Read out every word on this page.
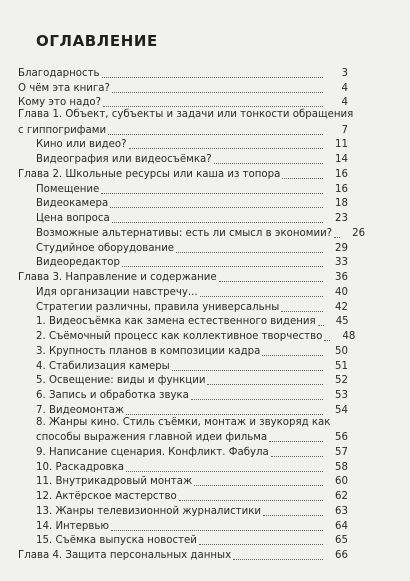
ОГЛАВЛЕНИЕ
Благодарность	3
О чём эта книга?	4
Кому это надо?	4
Глава 1. Объект, субъекты и задачи или тонкости обращения
с гиппогрифами	7
Кино или видео?	11
Видеография или видеосъёмка?	14
Глава 2. Школьные ресурсы или каша из топора	16
Помещение	16
Видеокамера	18
Цена вопроса	23
Возможные альтернативы: есть ли смысл в экономии?	26
Студийное оборудование	29
Видеоредактор	33
Глава 3. Направление и содержание	36
Идя организации навстречу...	40
Стратегии различны, правила универсальны	42
1. Видеосъёмка как замена естественного видения	45
2. Съёмочный процесс как коллективное творчество	48
3. Крупность планов в композиции кадра	50
4. Стабилизация камеры	51
5. Освещение: виды и функции	52
6. Запись и обработка звука	53
7. Видеомонтаж	54
8. Жанры кино. Стиль съёмки, монтаж и звукоряд как
способы выражения главной идеи фильма	56
9. Написание сценария. Конфликт. Фабула	57
10. Раскадровка	58
11. Внутрикадровый монтаж	60
12. Актёрское мастерство	62
13. Жанры телевизионной журналистики	63
14. Интервью	64
15. Съёмка выпуска новостей	65
Глава 4. Защита персональных данных	66
